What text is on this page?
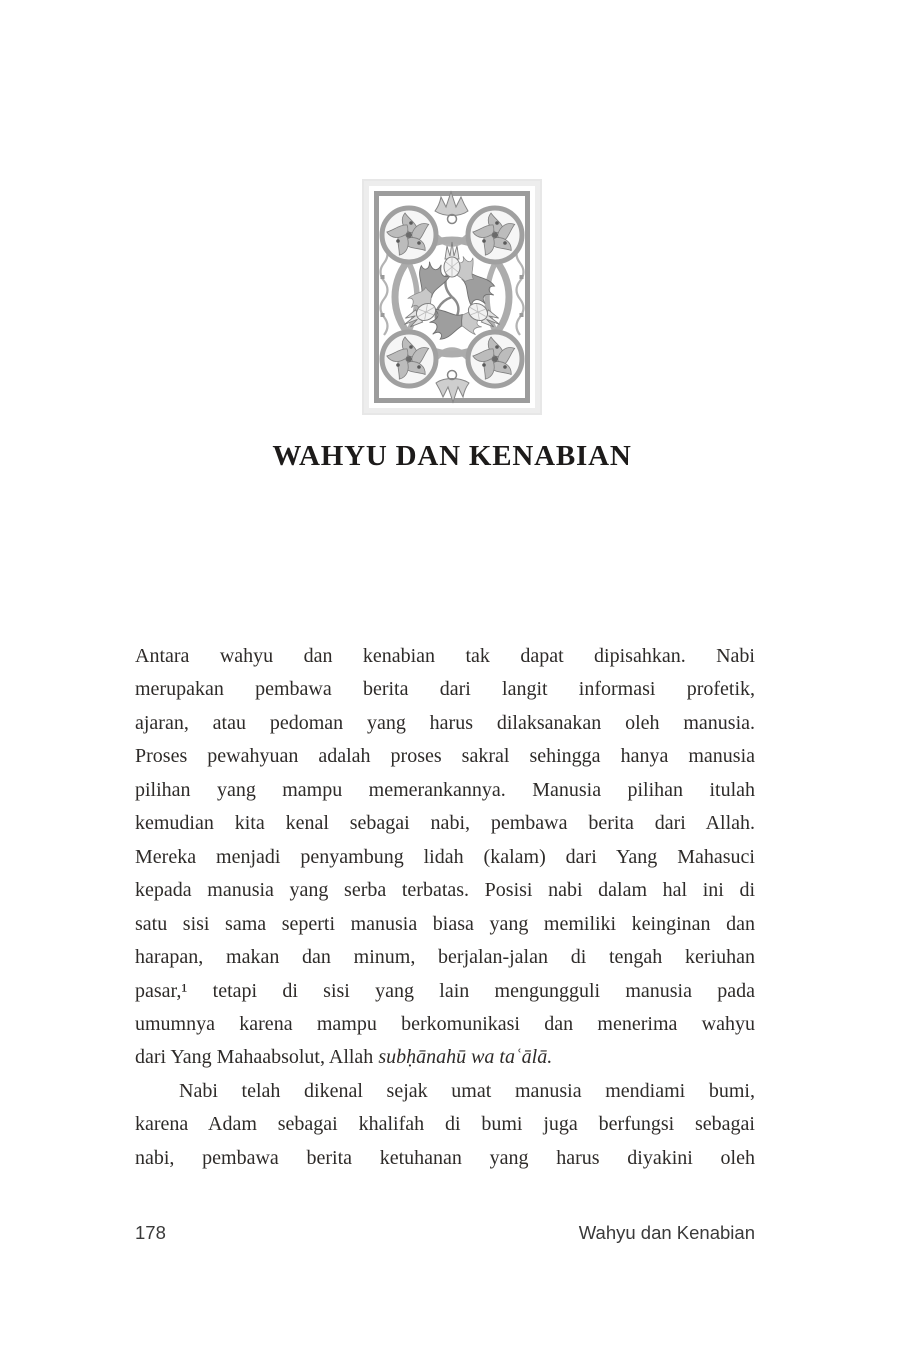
WAHYU DAN KENABIAN
Antara wahyu dan kenabian tak dapat dipisahkan. Nabi
merupakan pembawa berita dari langit informasi profetik,
ajaran, atau pedoman yang harus dilaksanakan oleh manusia.
Proses pewahyuan adalah proses sakral sehingga hanya manusia
pilihan yang mampu memerankannya. Manusia pilihan itulah
kemudian kita kenal sebagai nabi, pembawa berita dari Allah.
Mereka menjadi penyambung lidah (kalam) dari Yang Mahasuci
kepada manusia yang serba terbatas. Posisi nabi dalam hal ini di
satu sisi sama seperti manusia biasa yang memiliki keinginan dan
harapan, makan dan minum, berjalan-jalan di tengah keriuhan
pasar,¹ tetapi di sisi yang lain mengungguli manusia pada
umumnya karena mampu berkomunikasi dan menerima wahyu
dari Yang Mahaabsolut, Allah subḥānahū wa taʿālā.
Nabi telah dikenal sejak umat manusia mendiami bumi,
karena Adam sebagai khalifah di bumi juga berfungsi sebagai
nabi, pembawa berita ketuhanan yang harus diyakini oleh
178	Wahyu dan Kenabian
